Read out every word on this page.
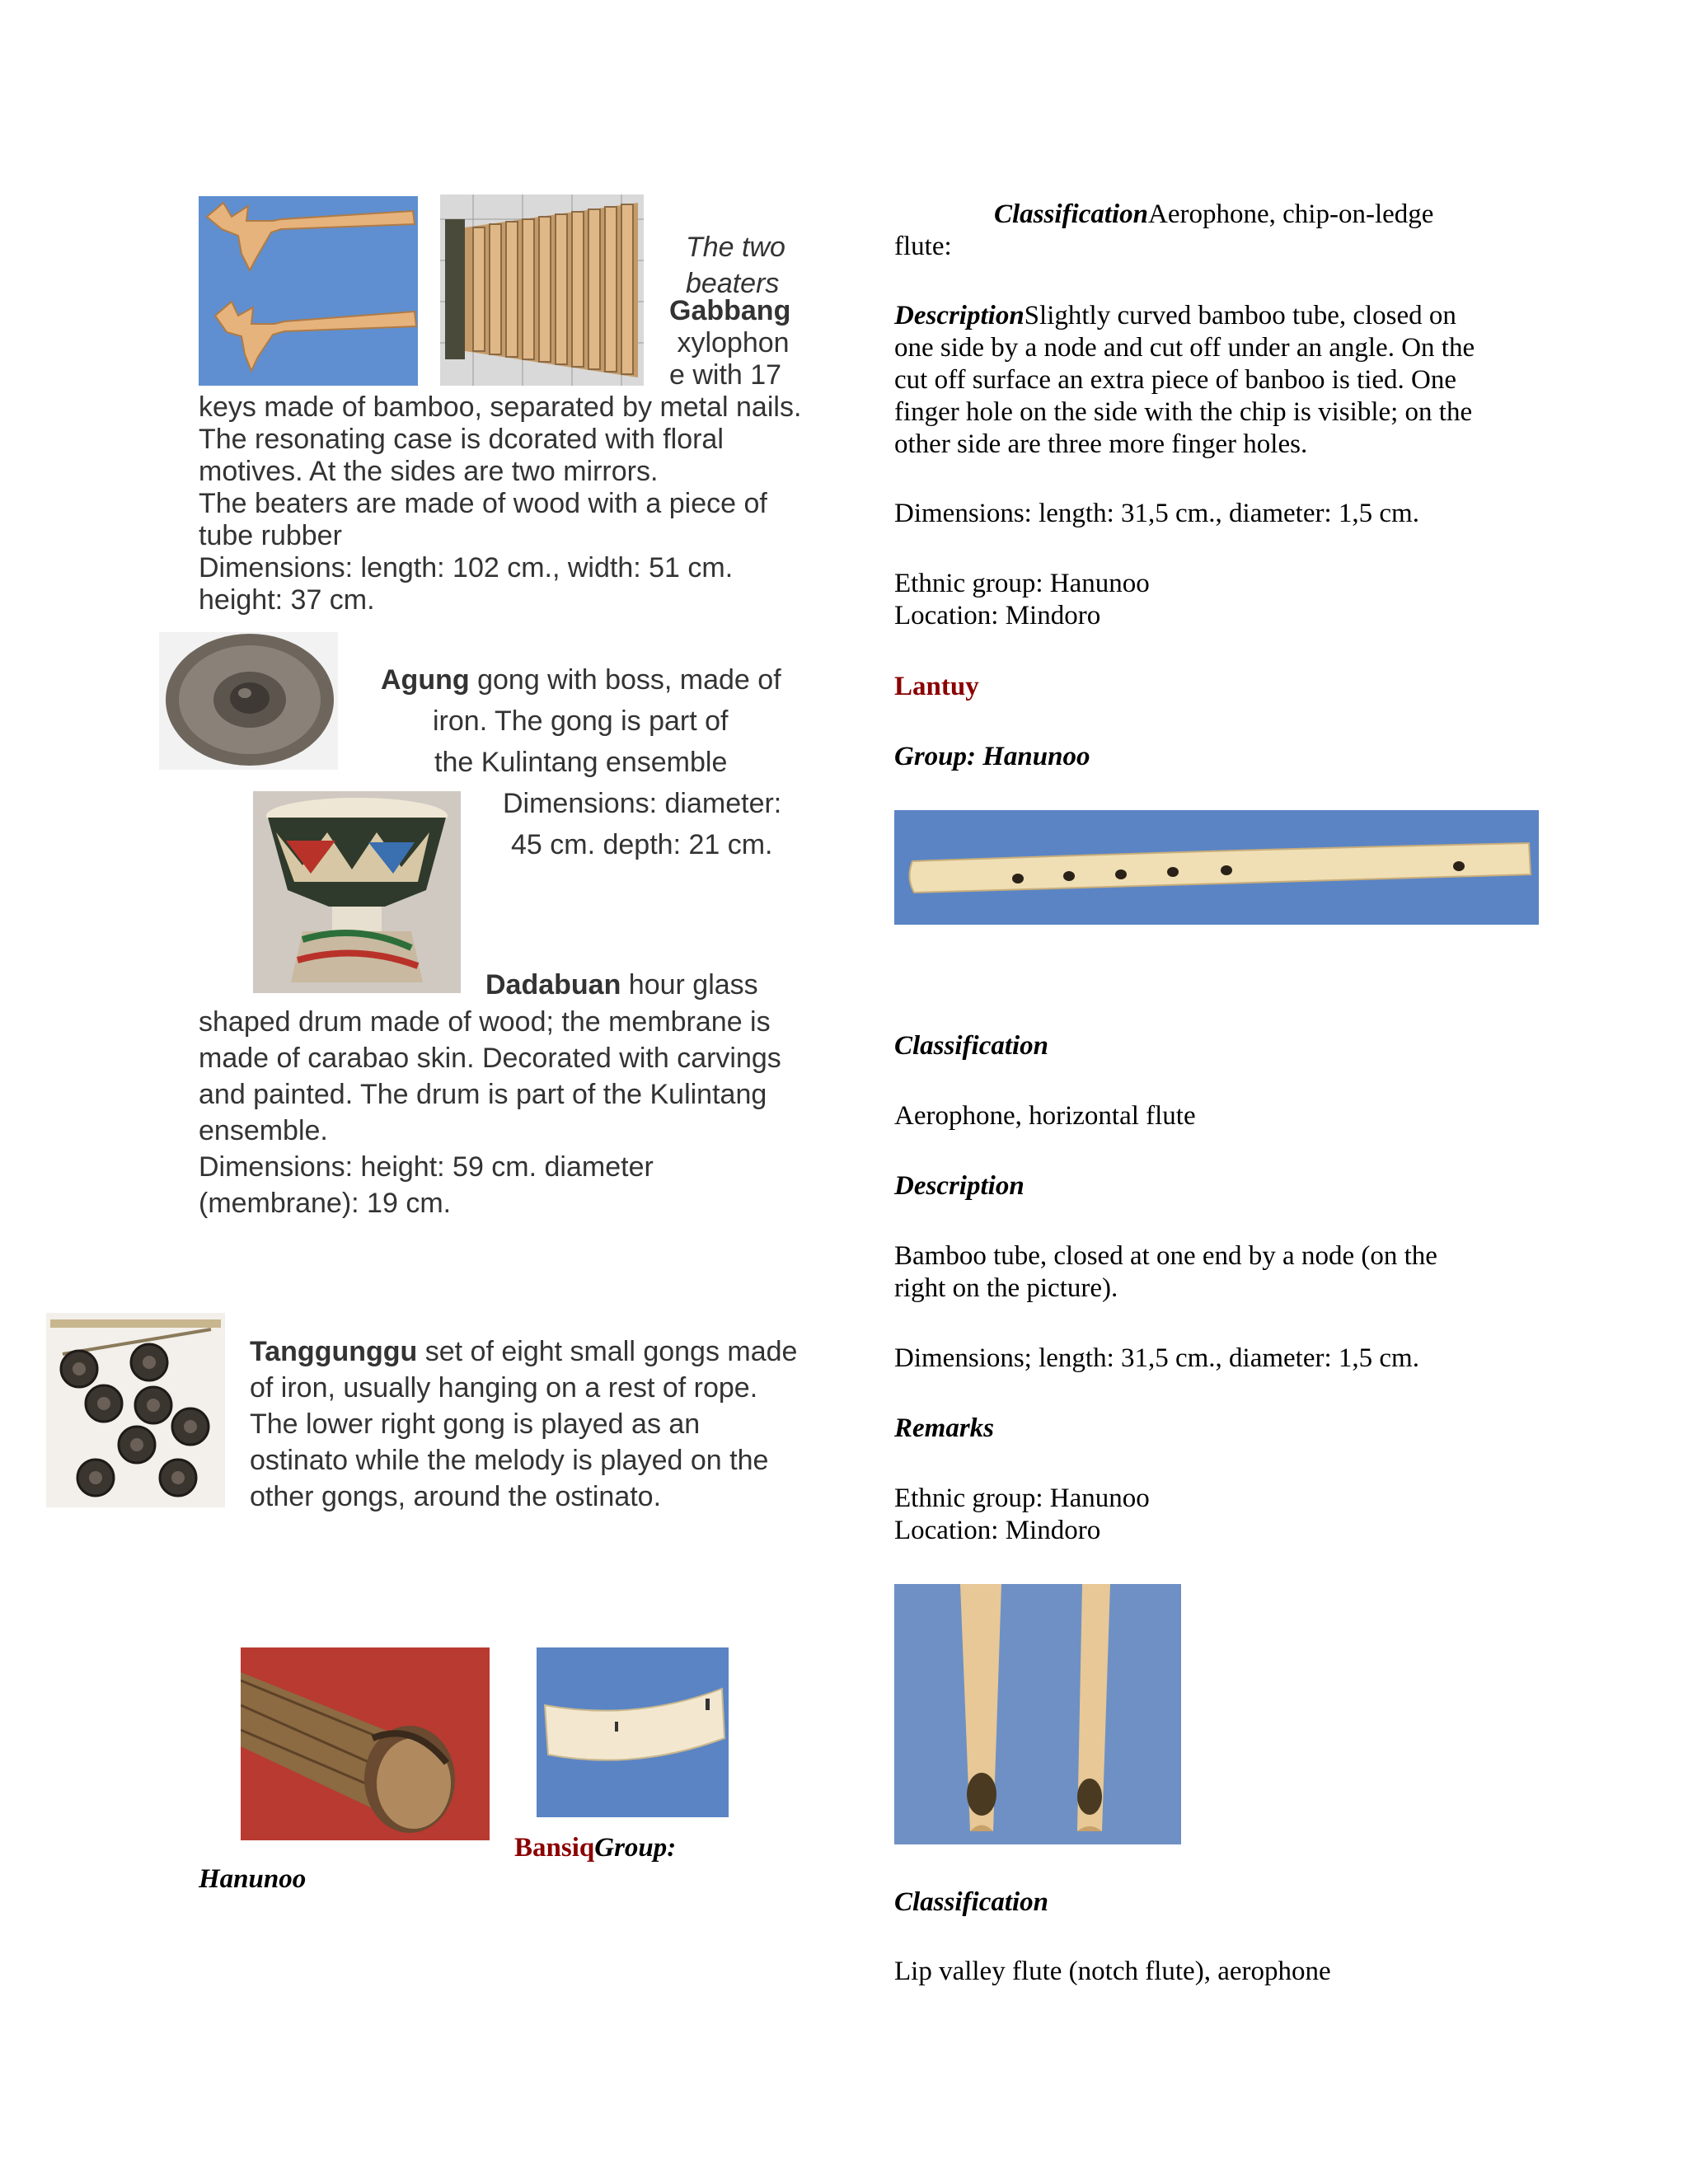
The two beaters
Gabbang
xylophon
e with 17
keys made of bamboo, separated by metal nails.
The resonating case is dcorated with floral
motives. At the sides are two mirrors.
The beaters are made of wood with a piece of
tube rubber
Dimensions: length: 102 cm., width: 51 cm.
height: 37 cm.
Agung gong with boss, made of
iron. The gong is part of
the Kulintang ensemble
Dimensions: diameter:
45 cm. depth: 21 cm.
Dadabuan hour glass
shaped drum made of wood; the membrane is
made of carabao skin. Decorated with carvings
and painted. The drum is part of the Kulintang
ensemble.
Dimensions: height: 59 cm. diameter
(membrane): 19 cm.
Tanggunggu set of eight small gongs made
of iron, usually hanging on a rest of rope.
The lower right gong is played as an
ostinato while the melody is played on the
other gongs, around the ostinato.
BansiqGroup:
Hanunoo
ClassificationAerophone, chip-on-ledge
flute:
DescriptionSlightly curved bamboo tube, closed on
one side by a node and cut off under an angle. On the
cut off surface an extra piece of banboo is tied. One
finger hole on the side with the chip is visible; on the
other side are three more finger holes.
Dimensions: length: 31,5 cm., diameter: 1,5 cm.
Ethnic group: Hanunoo
Location: Mindoro
Lantuy
Group: Hanunoo
Classification
Aerophone, horizontal flute
Description
Bamboo tube, closed at one end by a node (on the
right on the picture).
Dimensions; length: 31,5 cm., diameter: 1,5 cm.
Remarks
Ethnic group: Hanunoo
Location: Mindoro
Classification
Lip valley flute (notch flute), aerophone
